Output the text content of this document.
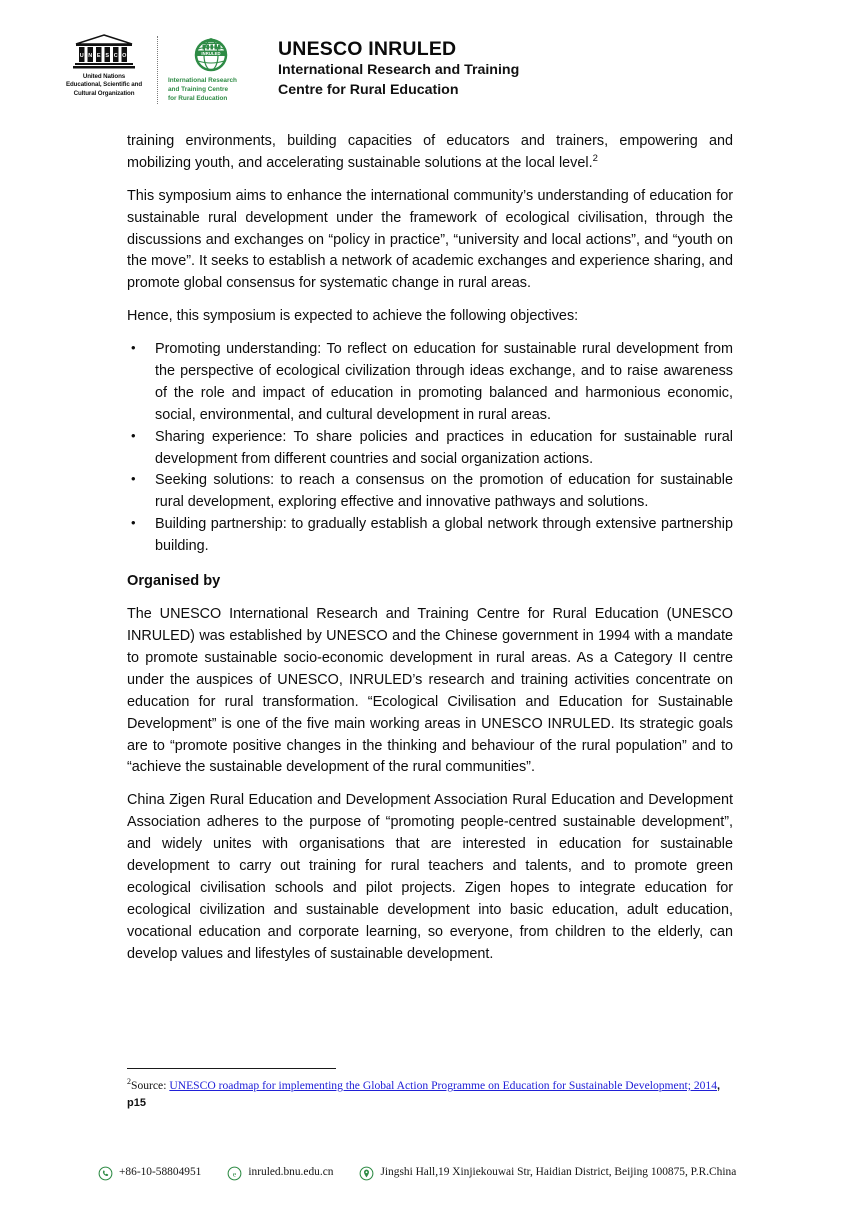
U N E S C O
United Nations
Educational, Scientific and
Cultural Organization
INRULED
International Research
and Training Centre
for Rural Education
UNESCO INRULED
International Research and Training
Centre for Rural Education

training environments, building capacities of educators and trainers, empowering and mobilizing youth, and accelerating sustainable solutions at the local level.$^2$

This symposium aims to enhance the international community’s understanding of education for sustainable rural development under the framework of ecological civilisation, through the discussions and exchanges on “policy in practice”, “university and local actions”, and “youth on the move”. It seeks to establish a network of academic exchanges and experience sharing, and promote global consensus for systematic change in rural areas.

Hence, this symposium is expected to achieve the following objectives:

• Promoting understanding: To reflect on education for sustainable rural development from the perspective of ecological civilization through ideas exchange, and to raise awareness of the role and impact of education in promoting balanced and harmonious economic, social, environmental, and cultural development in rural areas.
• Sharing experience: To share policies and practices in education for sustainable rural development from different countries and social organization actions.
• Seeking solutions: to reach a consensus on the promotion of education for sustainable rural development, exploring effective and innovative pathways and solutions.
• Building partnership: to gradually establish a global network through extensive partnership building.

Organised by

The UNESCO International Research and Training Centre for Rural Education (UNESCO INRULED) was established by UNESCO and the Chinese government in 1994 with a mandate to promote sustainable socio-economic development in rural areas. As a Category II centre under the auspices of UNESCO, INRULED’s research and training activities concentrate on education for rural transformation. “Ecological Civilisation and Education for Sustainable Development” is one of the five main working areas in UNESCO INRULED. Its strategic goals are to “promote positive changes in the thinking and behaviour of the rural population” and to “achieve the sustainable development of the rural communities”.

China Zigen Rural Education and Development Association Rural Education and Development Association adheres to the purpose of “promoting people-centred sustainable development”, and widely unites with organisations that are interested in education for sustainable development to carry out training for rural teachers and talents, and to promote green ecological civilisation schools and pilot projects. Zigen hopes to integrate education for ecological civilization and sustainable development into basic education, adult education, vocational education and corporate learning, so everyone, from children to the elderly, can develop values and lifestyles of sustainable development.

$^2$Source: UNESCO roadmap for implementing the Global Action Programme on Education for Sustainable Development; 2014, p15
+86-10-58804951	e inruled.bnu.edu.cn	Jingshi Hall,19 Xinjiekouwai Str, Haidian District, Beijing 100875, P.R.China
